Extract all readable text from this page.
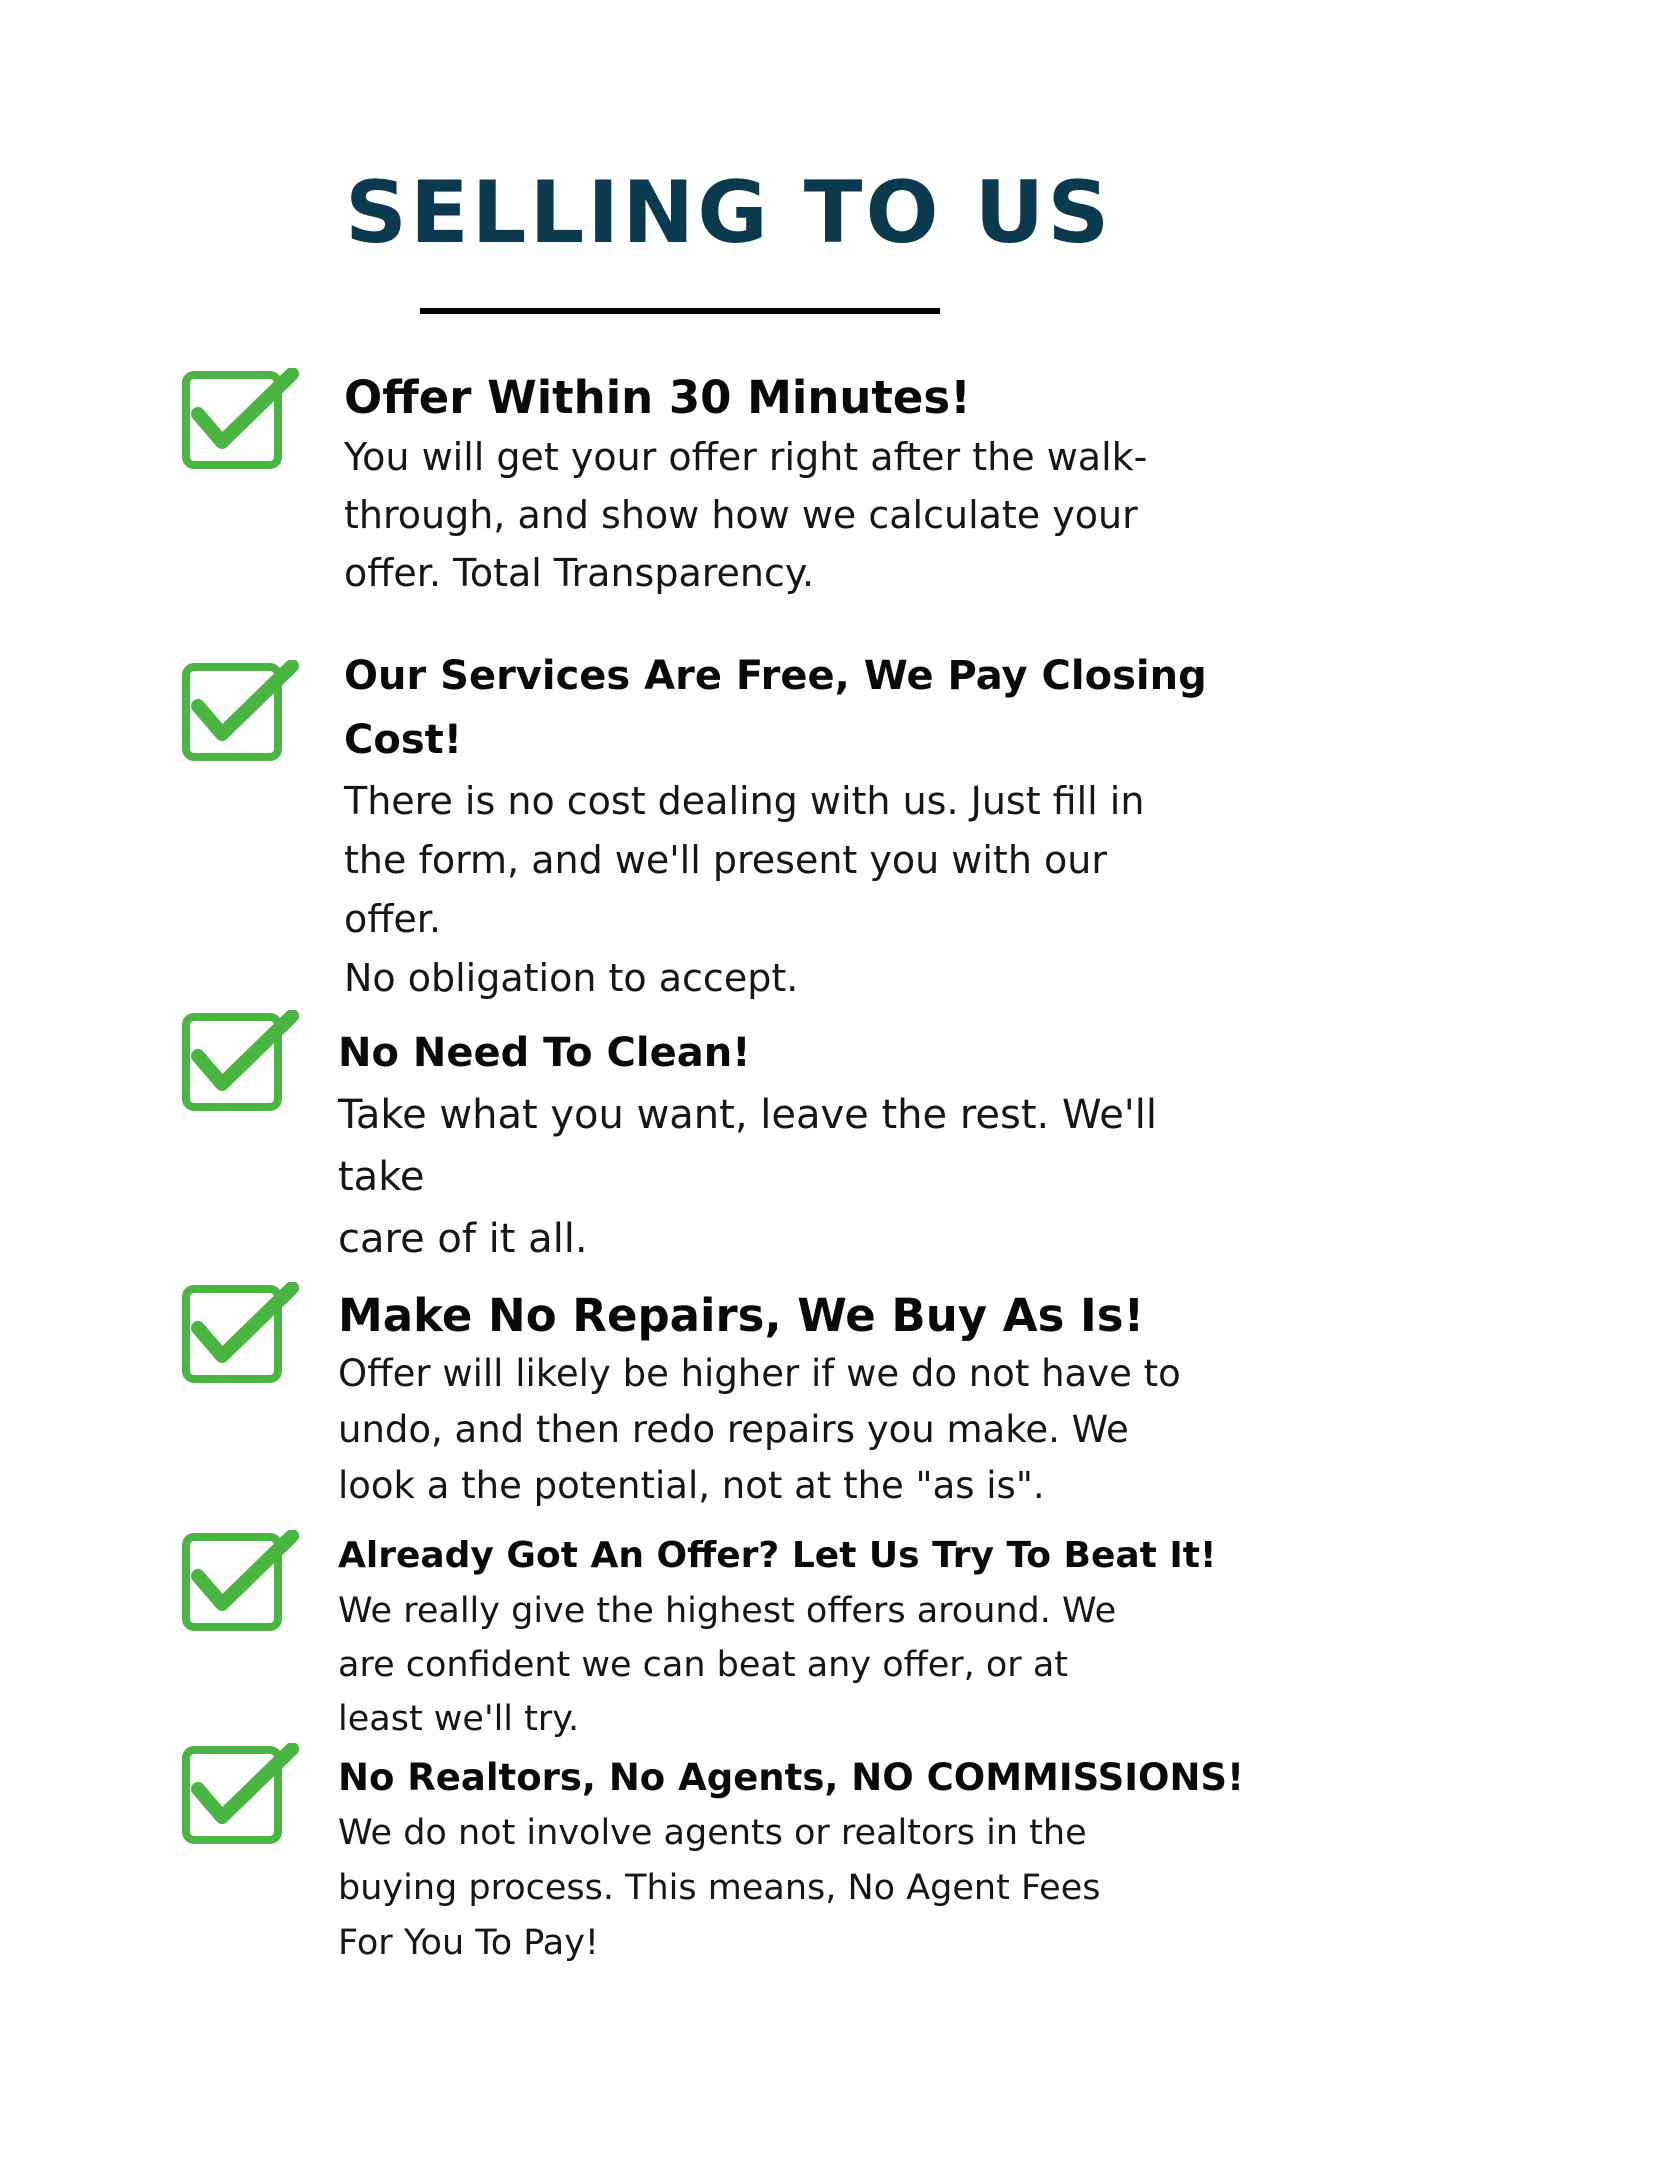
SELLING TO US

Offer Within 30 Minutes!

You will get your offer right after the walk-
through, and show how we calculate your
offer. Total Transparency.

Our Services Are Free, We Pay Closing
Cost!

There is no cost dealing with us. Just fill in
the form, and we'll present you with our
offer.
No obligation to accept.

No Need To Clean!

Take what you want, leave the rest. We'll
take
care of it all.

Make No Repairs, We Buy As Is!

Offer will likely be higher if we do not have to
undo, and then redo repairs you make. We
look a the potential, not at the "as is".

Already Got An Offer? Let Us Try To Beat It!

We really give the highest offers around. We
are confident we can beat any offer, or at
least we'll try.

No Realtors, No Agents, NO COMMISSIONS!

We do not involve agents or realtors in the
buying process. This means, No Agent Fees
For You To Pay!
